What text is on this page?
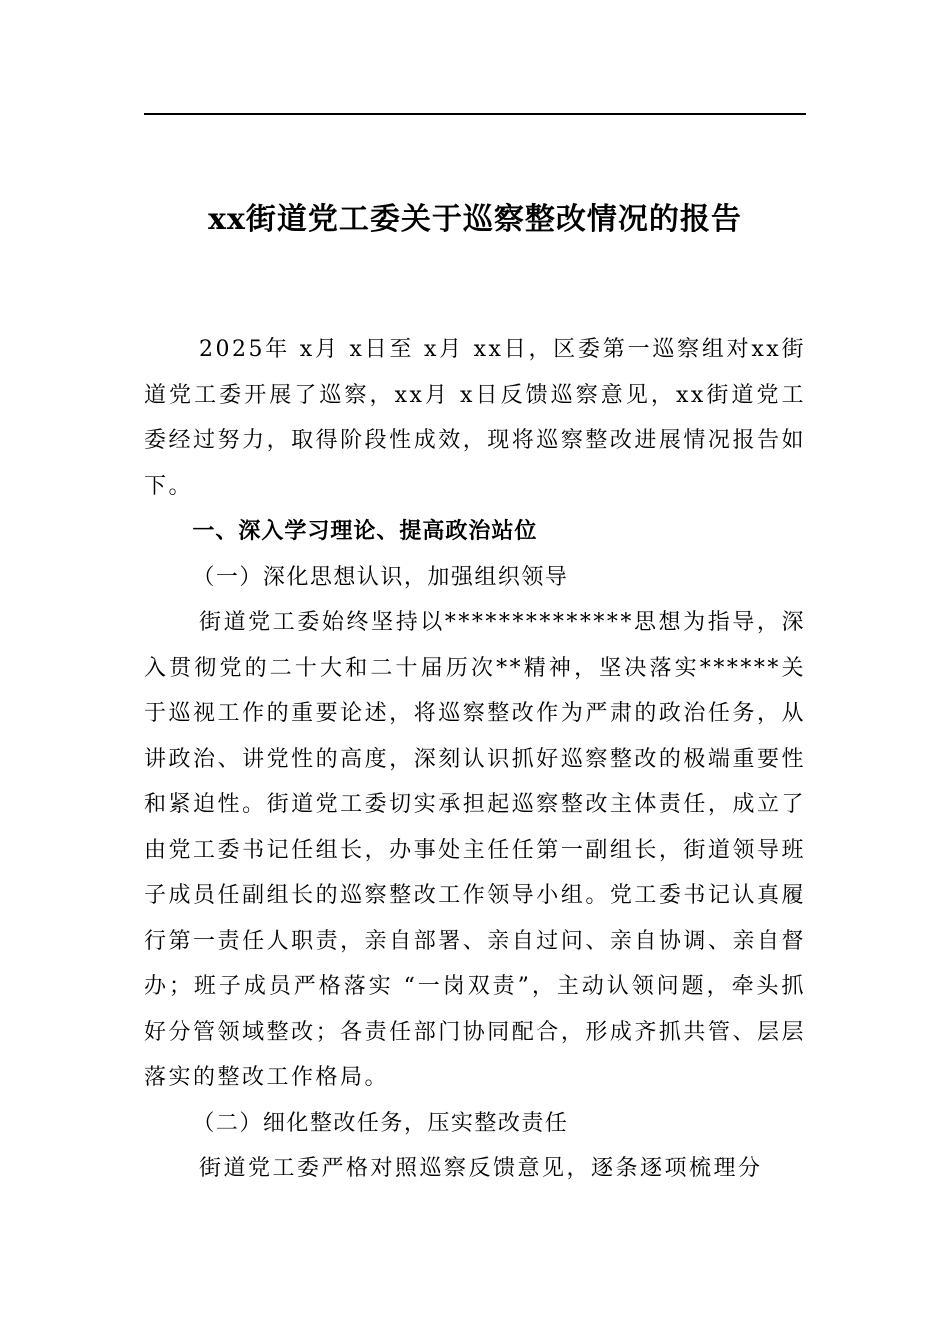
xx街道党工委关于巡察整改情况的报告

2025年 x月 x日至 x月 xx日，区委第一巡察组对xx街道党工委开展了巡察，xx月 x日反馈巡察意见，xx街道党工委经过努力，取得阶段性成效，现将巡察整改进展情况报告如下。

一、深入学习理论、提高政治站位

（一）深化思想认识，加强组织领导

街道党工委始终坚持以**************思想为指导，深入贯彻党的二十大和二十届历次**精神，坚决落实******关于巡视工作的重要论述，将巡察整改作为严肃的政治任务，从讲政治、讲党性的高度，深刻认识抓好巡察整改的极端重要性和紧迫性。街道党工委切实承担起巡察整改主体责任，成立了由党工委书记任组长，办事处主任任第一副组长，街道领导班子成员任副组长的巡察整改工作领导小组。党工委书记认真履行第一责任人职责，亲自部署、亲自过问、亲自协调、亲自督办；班子成员严格落实 “一岗双责”，主动认领问题，牵头抓好分管领域整改；各责任部门协同配合，形成齐抓共管、层层落实的整改工作格局。

（二）细化整改任务，压实整改责任

街道党工委严格对照巡察反馈意见，逐条逐项梳理分
